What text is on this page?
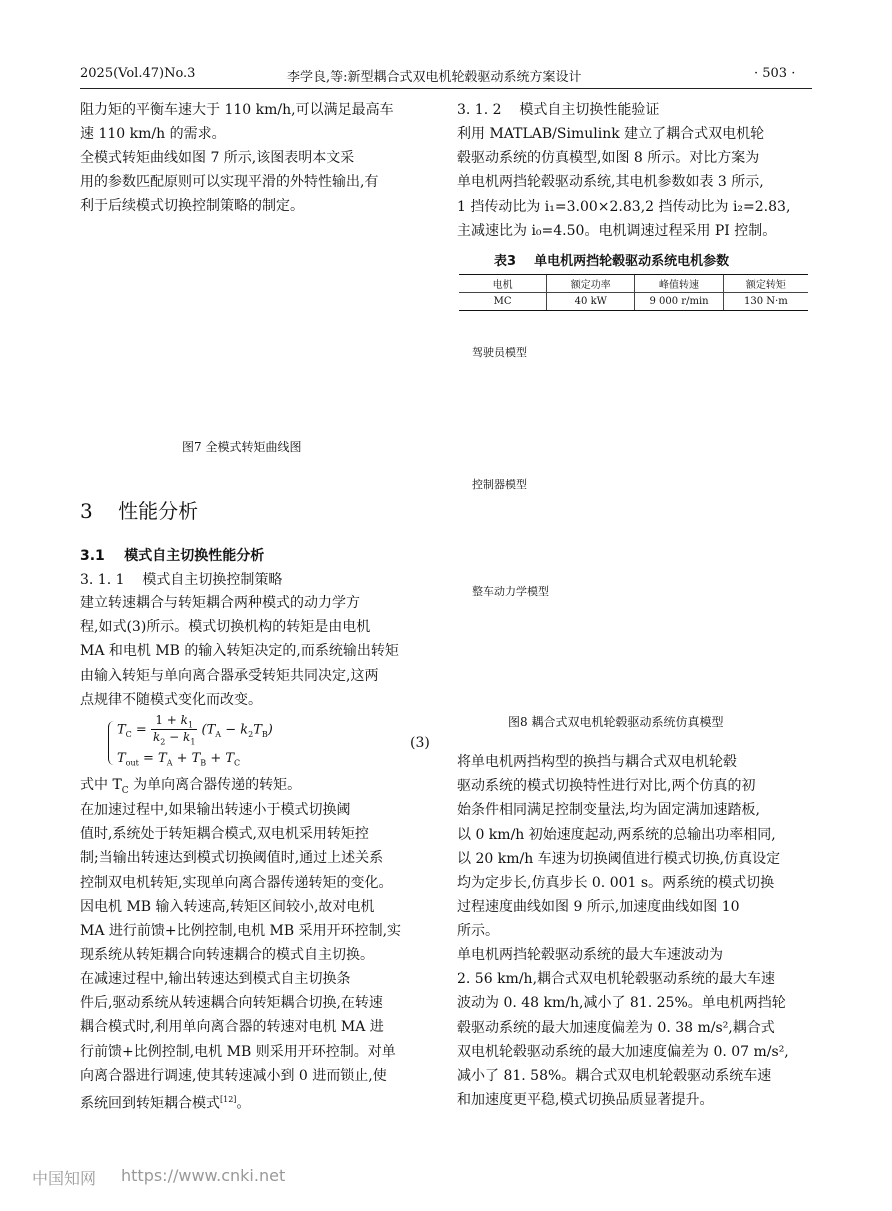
2025(Vol.47)No.3	李学良,等:新型耦合式双电机轮毂驱动系统方案设计	· 503 ·

阻力矩的平衡车速大于 110 km/h,可以满足最高车
速 110 km/h 的需求。

全模式转矩曲线如图 7 所示,该图表明本文采
用的参数匹配原则可以实现平滑的外特性输出,有
利于后续模式切换控制策略的制定。

图7 全模式转矩曲线图
3    性能分析
3.1    模式自主切换性能分析
3. 1. 1    模式自主切换控制策略

建立转速耦合与转矩耦合两种模式的动力学方
程,如式(3)所示。模式切换机构的转矩是由电机
MA 和电机 MB 的输入转矩决定的,而系统输出转矩
由输入转矩与单向离合器承受转矩共同决定,这两
点规律不随模式变化而改变。

$T_C = \frac{1 + k_1}{k_2 - k_1} (T_A - k_2T_B)$
$T_{out} = T_A + T_B + T_C$
(3)
式中 $T_C$ 为单向离合器传递的转矩。

在加速过程中,如果输出转速小于模式切换阈
值时,系统处于转矩耦合模式,双电机采用转矩控
制;当输出转速达到模式切换阈值时,通过上述关系
控制双电机转矩,实现单向离合器传递转矩的变化。
因电机 MB 输入转速高,转矩区间较小,故对电机
MA 进行前馈+比例控制,电机 MB 采用开环控制,实
现系统从转矩耦合向转速耦合的模式自主切换。

在减速过程中,输出转速达到模式自主切换条
件后,驱动系统从转速耦合向转矩耦合切换,在转速
耦合模式时,利用单向离合器的转速对电机 MA 进
行前馈+比例控制,电机 MB 则采用开环控制。对单
向离合器进行调速,使其转速减小到 0 进而锁止,使
系统回到转矩耦合模式[12]。
3. 1. 2    模式自主切换性能验证

利用 MATLAB/Simulink 建立了耦合式双电机轮
毂驱动系统的仿真模型,如图 8 所示。对比方案为
单电机两挡轮毂驱动系统,其电机参数如表 3 所示,
1 挡传动比为 i₁=3.00×2.83,2 挡传动比为 i₂=2.83,
主减速比为 i₀=4.50。电机调速过程采用 PI 控制。

表3    单电机两挡轮毂驱动系统电机参数
电机	额定功率	峰值转速	额定转矩
MC	40 kW	9 000 r/min	130 N·m
驾驶员模型
控制器模型
整车动力学模型
图8 耦合式双电机轮毂驱动系统仿真模型

将单电机两挡构型的换挡与耦合式双电机轮毂
驱动系统的模式切换特性进行对比,两个仿真的初
始条件相同满足控制变量法,均为固定满加速踏板,
以 0 km/h 初始速度起动,两系统的总输出功率相同,
以 20 km/h 车速为切换阈值进行模式切换,仿真设定
均为定步长,仿真步长 0. 001 s。两系统的模式切换
过程速度曲线如图 9 所示,加速度曲线如图 10
所示。

单电机两挡轮毂驱动系统的最大车速波动为
2. 56 km/h,耦合式双电机轮毂驱动系统的最大车速
波动为 0. 48 km/h,减小了 81. 25%。单电机两挡轮
毂驱动系统的最大加速度偏差为 0. 38 m/s²,耦合式
双电机轮毂驱动系统的最大加速度偏差为 0. 07 m/s²,
减小了 81. 58%。耦合式双电机轮毂驱动系统车速
和加速度更平稳,模式切换品质显著提升。

中国知网 https://www.cnki.net
